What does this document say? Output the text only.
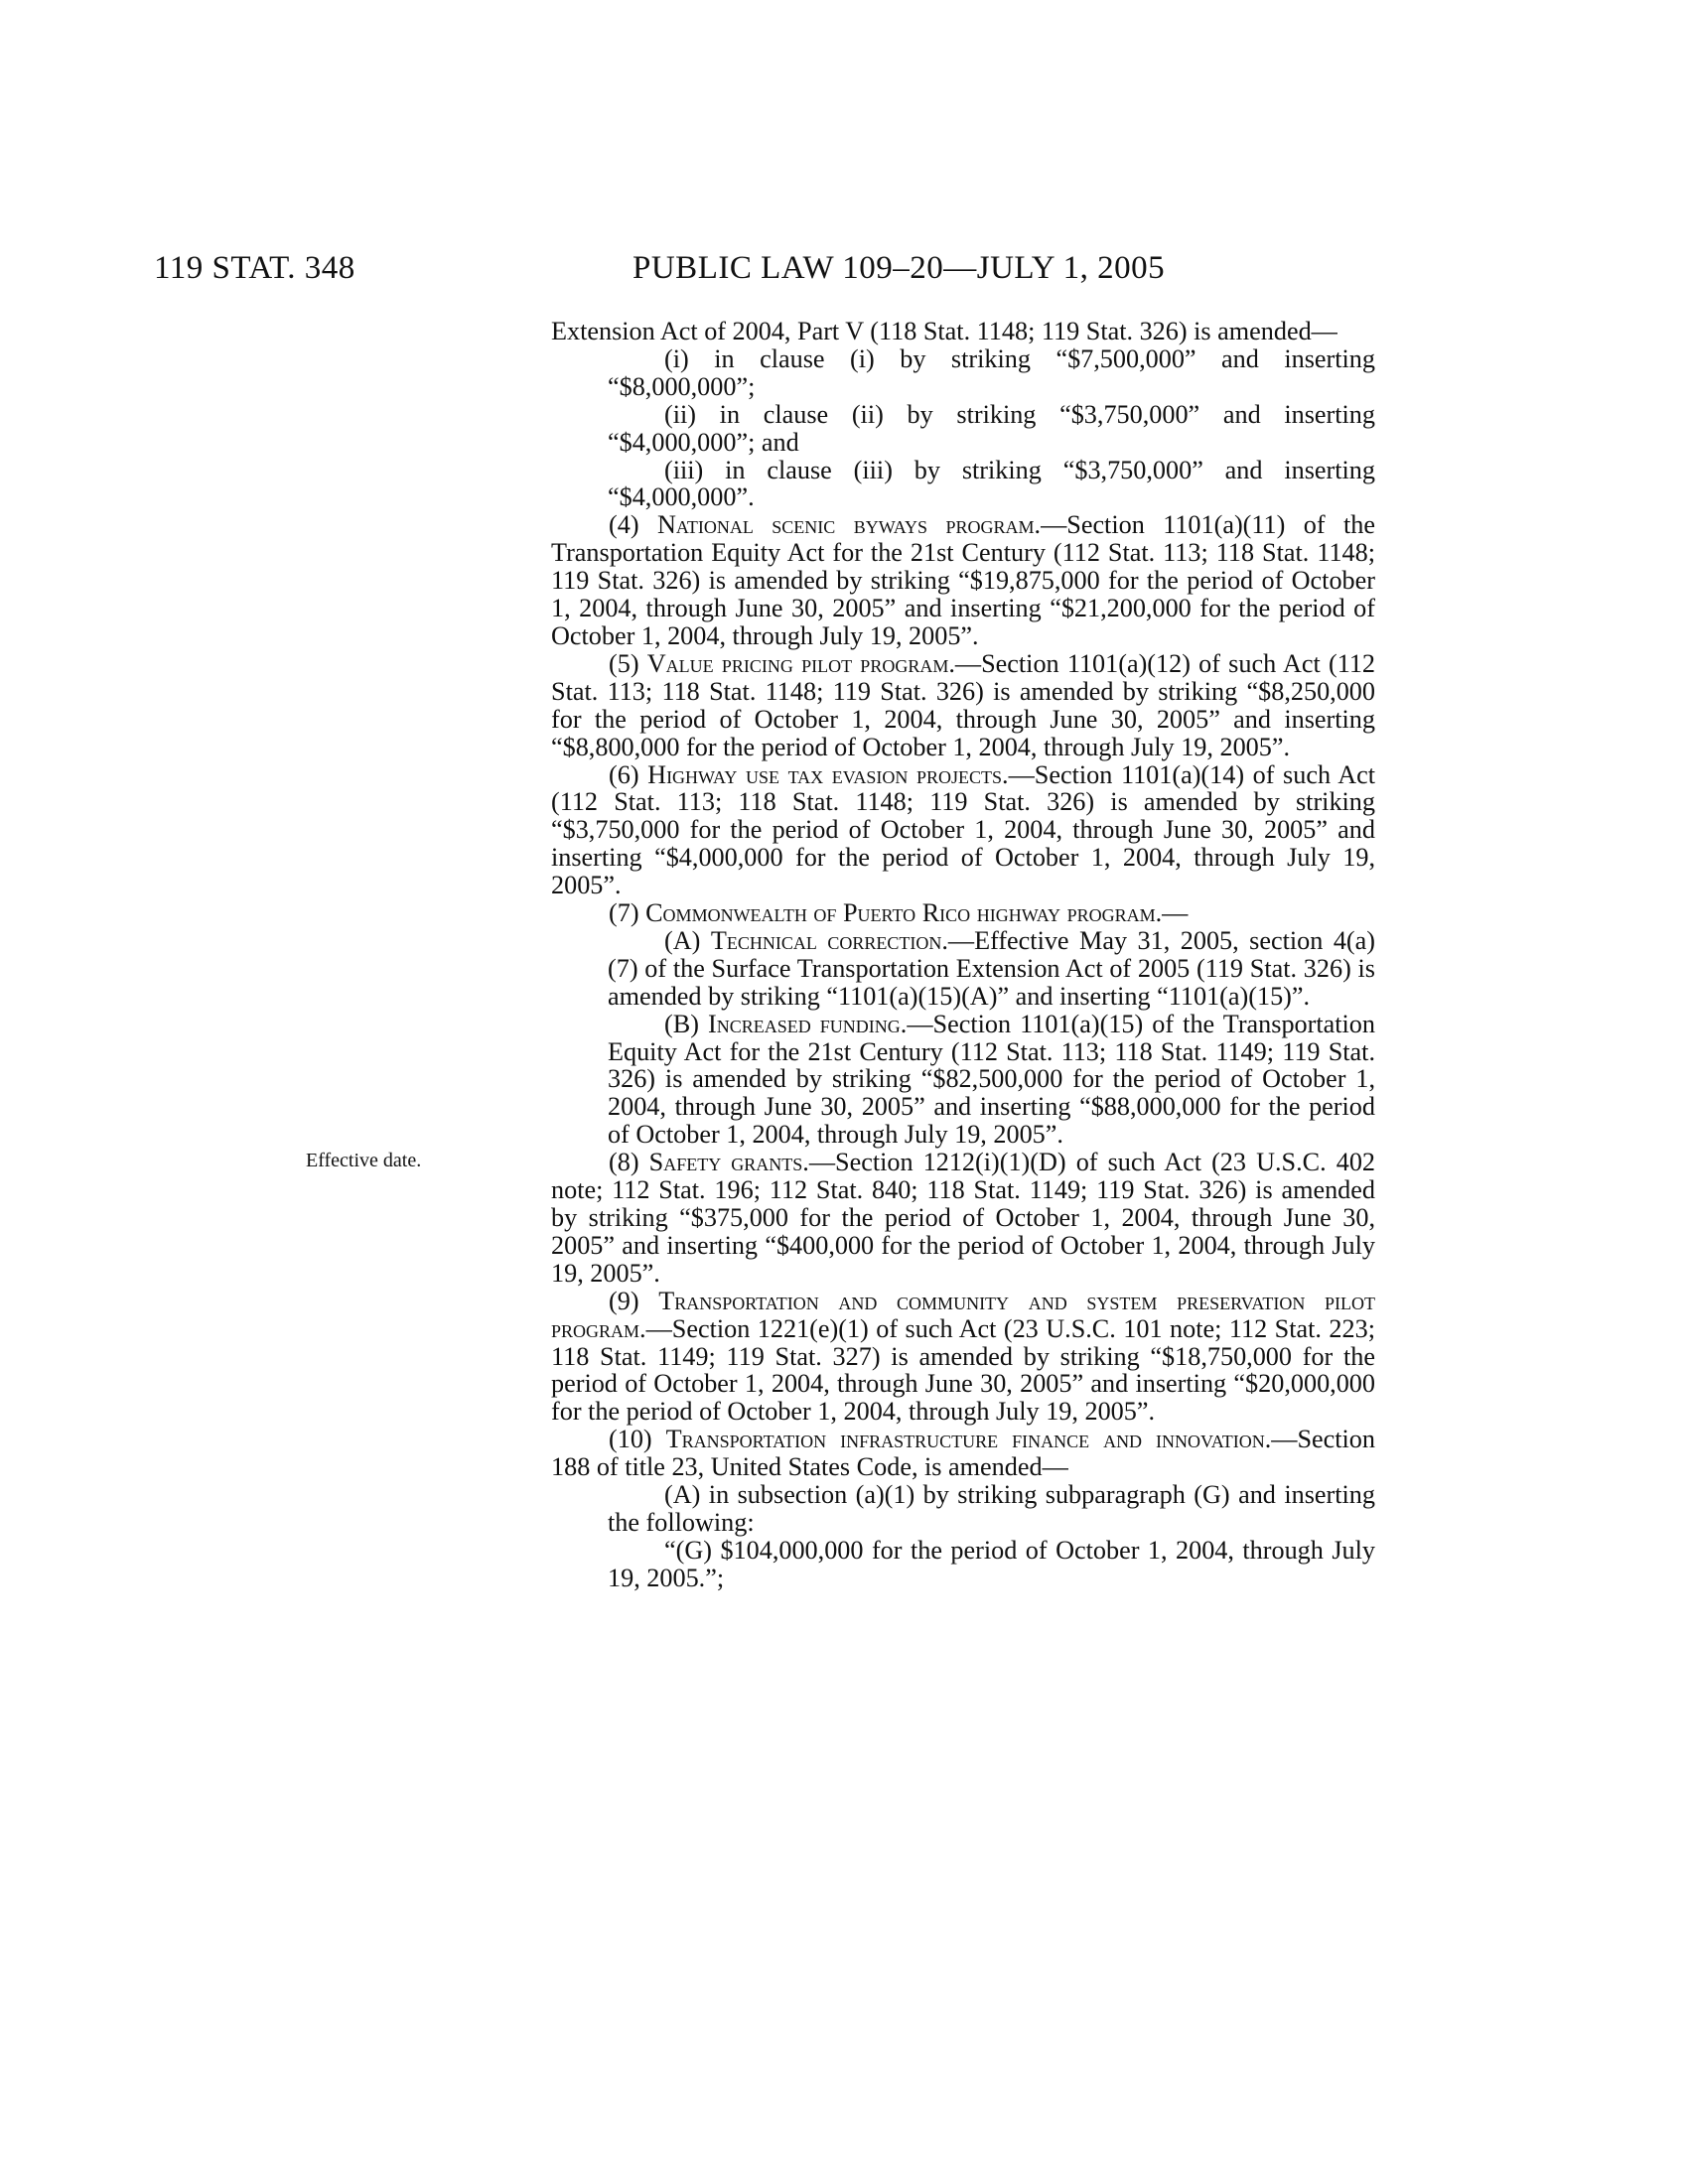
119 STAT. 348	PUBLIC LAW 109–20—JULY 1, 2005
Effective date.

Extension Act of 2004, Part V (118 Stat. 1148; 119 Stat. 326) is amended—

(i) in clause (i) by striking “$7,500,000” and inserting “$8,000,000”;

(ii) in clause (ii) by striking “$3,750,000” and inserting “$4,000,000”; and

(iii) in clause (iii) by striking “$3,750,000” and inserting “$4,000,000”.

(4) National scenic byways program.—Section 1101(a)(11) of the Transportation Equity Act for the 21st Century (112 Stat. 113; 118 Stat. 1148; 119 Stat. 326) is amended by striking “$19,875,000 for the period of October 1, 2004, through June 30, 2005” and inserting “$21,200,000 for the period of October 1, 2004, through July 19, 2005”.

(5) Value pricing pilot program.—Section 1101(a)(12) of such Act (112 Stat. 113; 118 Stat. 1148; 119 Stat. 326) is amended by striking “$8,250,000 for the period of October 1, 2004, through June 30, 2005” and inserting “$8,800,000 for the period of October 1, 2004, through July 19, 2005”.

(6) Highway use tax evasion projects.—Section 1101(a)(14) of such Act (112 Stat. 113; 118 Stat. 1148; 119 Stat. 326) is amended by striking “$3,750,000 for the period of October 1, 2004, through June 30, 2005” and inserting “$4,000,000 for the period of October 1, 2004, through July 19, 2005”.

(7) Commonwealth of Puerto Rico highway program.—

(A) Technical correction.—Effective May 31, 2005, section 4(a)(7) of the Surface Transportation Extension Act of 2005 (119 Stat. 326) is amended by striking “1101(a)(15)(A)” and inserting “1101(a)(15)”.

(B) Increased funding.—Section 1101(a)(15) of the Transportation Equity Act for the 21st Century (112 Stat. 113; 118 Stat. 1149; 119 Stat. 326) is amended by striking “$82,500,000 for the period of October 1, 2004, through June 30, 2005” and inserting “$88,000,000 for the period of October 1, 2004, through July 19, 2005”.

(8) Safety grants.—Section 1212(i)(1)(D) of such Act (23 U.S.C. 402 note; 112 Stat. 196; 112 Stat. 840; 118 Stat. 1149; 119 Stat. 326) is amended by striking “$375,000 for the period of October 1, 2004, through June 30, 2005” and inserting “$400,000 for the period of October 1, 2004, through July 19, 2005”.

(9) Transportation and community and system preservation pilot program.—Section 1221(e)(1) of such Act (23 U.S.C. 101 note; 112 Stat. 223; 118 Stat. 1149; 119 Stat. 327) is amended by striking “$18,750,000 for the period of October 1, 2004, through June 30, 2005” and inserting “$20,000,000 for the period of October 1, 2004, through July 19, 2005”.

(10) Transportation infrastructure finance and innovation.—Section 188 of title 23, United States Code, is amended—

(A) in subsection (a)(1) by striking subparagraph (G) and inserting the following:

“(G) $104,000,000 for the period of October 1, 2004, through July 19, 2005.”;
